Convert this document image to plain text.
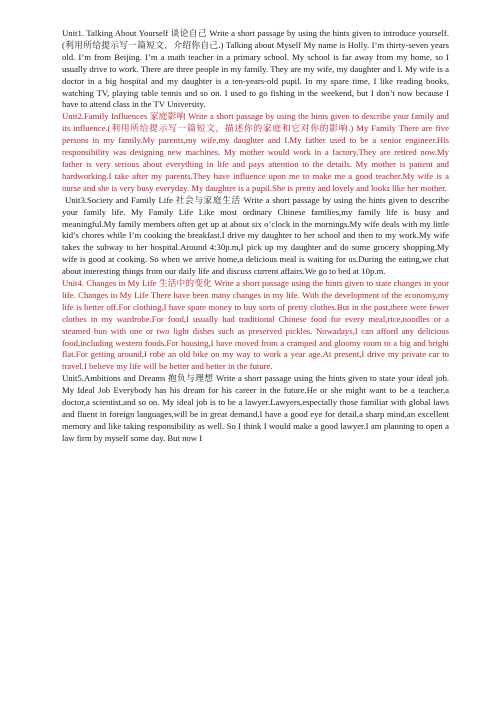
Unit1. Talking About Yourself 谈论自己 Write a short passage by using the hints given to introduce yourself.(利用所给提示写一篇短文，介绍你自己.) Talking about Myself My name is Holly. I’m thirty-seven years old. I’m from Beijing. I’m a math teacher in a primary school. My school is far away from my home, so I usually drive to work. There are three people in my family. They are my wife, my daughter and I. My wife is a doctor in a big hospital and my daughter is a ten-years-old pupil. In my spare time, I like reading books, watching TV, playing table tennis and so on. I used to go fishing in the weekend, but I don’t now because I have to attend class in the TV University.

Unit2.Family Influences 家庭影响 Write a short passage by using the hints given to describe your family and its influence.(利用所给提示写一篇短文，描述你的家庭和它对你的影响.) My Family There are five persons in my family.My parents,my wife,my daughter and I.My father used to be a senior engineer.His responsibility was designing new machines. My mother would work in a factory.They are retired now.My father is very serious about everything in life and pays attention to the details. My mother is patient and hardworking.I take after my parents.They have influence upon me to make me a good teacher.My wife is a nurse and she is very busy everyday. My daughter is a pupil.She is pretty and lovely and looks like her mother.

Unit3.Society and Family Life 社会与家庭生活 Write a short passage by using the hints given to describe your family life. My Family Life Like most ordinary Chinese families,my family life is busy and meaningful.My family members often get up at about six o’clock in the mornings.My wife deals with my little kid’s chores while I’m cooking the breakfast.I drive my daughter to her school and then to my work.My wife takes the subway to her hospital.Around 4:30p.m,I pick up my daughter and do some grocery shopping.My wife is good at cooking. So when we arrive home,a delicious meal is waiting for us.During the eating,we chat about interesting things from our daily life and discuss current affairs.We go to bed at 10p.m.

Unit4. Changes in My Life 生活中的变化 Write a short passage using the hints given to state changes in your life. Changes in My Life There have been many changes in my life. With the development of the economy,my life is better off.For clothing,I have spare money to buy sorts of pretty clothes.But in the past,there were fewer clothes in my wardrobe.For food,I usually had traditional Chinese food for every meal,rice,noodles or a steamed bun with one or two light dishes such as preserved pickles. Nowadays,I can afford any delicious food,including western foods.For housing,I have moved from a cramped and gloomy room to a big and bright flat.For getting around,I robe an old bike on my way to work a year age.At present,I drive my private car to travel.I believe my life will be better and better in the future.

Unit5.Ambitions and Dreams 抱负与理想 Write a short passage using the hints given to state your ideal job. My Ideal Job Everybody has his dream for his career in the future.He or she might want to be a teacher,a doctor,a scientist,and so on. My ideal job is to be a lawyer.Lawyers,especially those familiar with global laws and fluent in foreign languages,will be in great demand.I have a good eye for detail,a sharp mind,an excellent memory and like taking responsibility as well. So I think I would make a good lawyer.I am planning to open a law firm by myself some day. But now I
